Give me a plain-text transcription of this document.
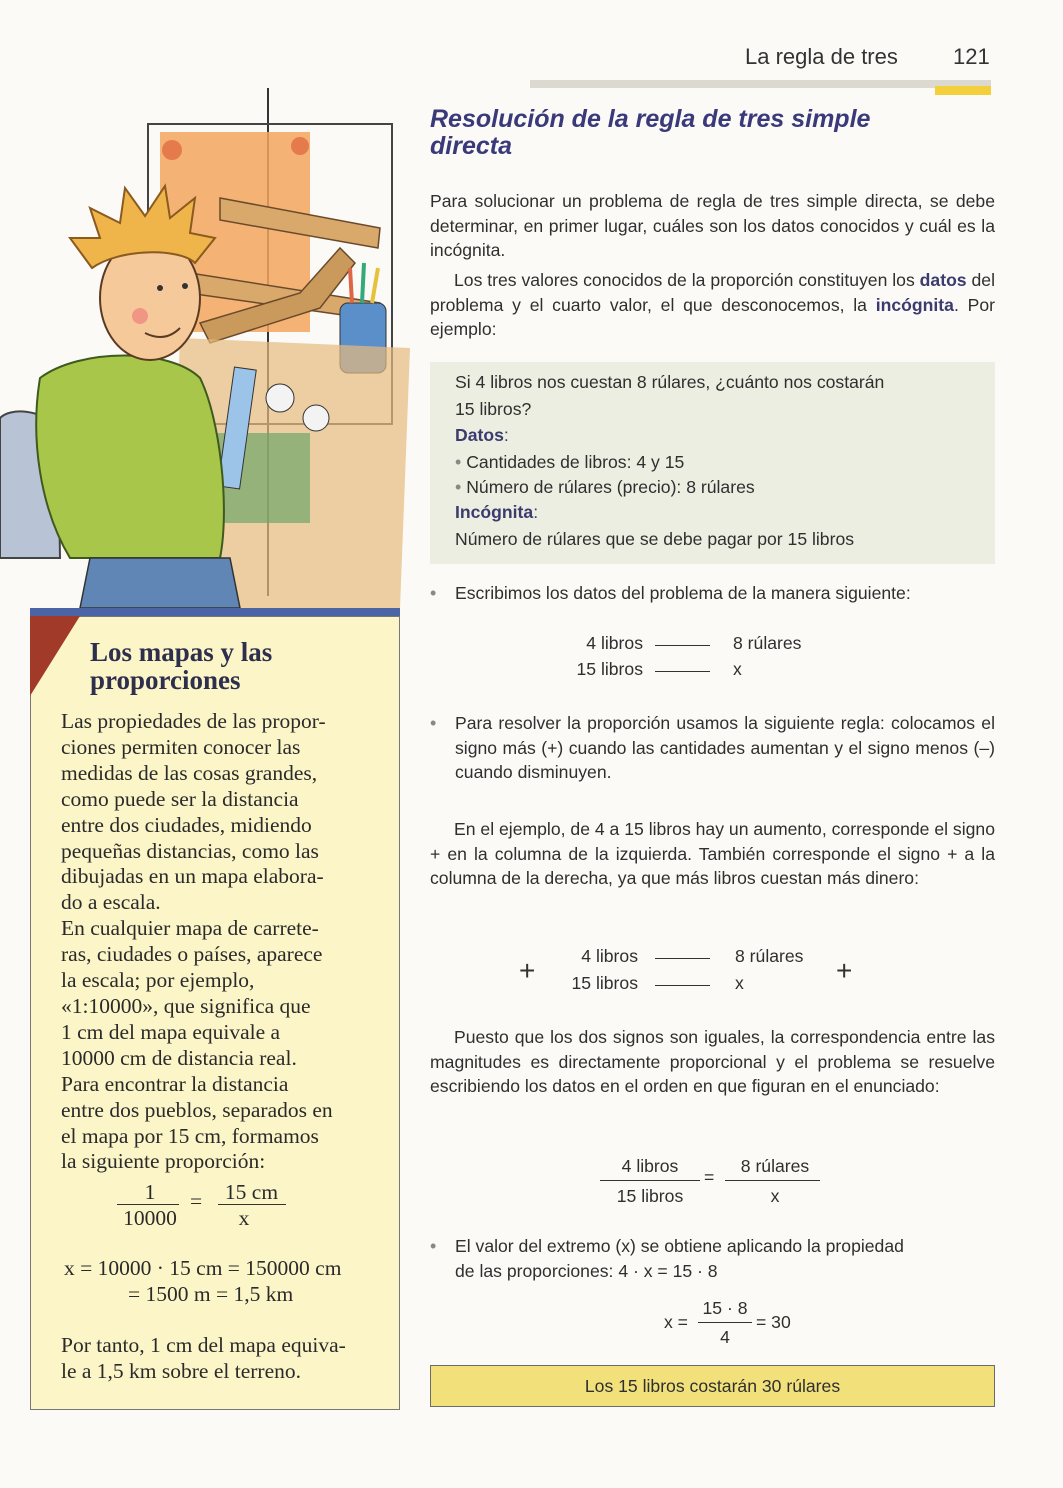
La regla de tres	121
Resolución de la regla de tres simple directa
Para solucionar un problema de regla de tres simple directa, se debe determinar, en primer lugar, cuáles son los datos conocidos y cuál es la incógnita.
Los tres valores conocidos de la proporción constituyen los datos del problema y el cuarto valor, el que desconocemos, la incógnita. Por ejemplo:
Si 4 libros nos cuestan 8 rúlares, ¿cuánto nos costarán
15 libros?
Datos:
• Cantidades de libros: 4 y 15
• Número de rúlares (precio): 8 rúlares
Incógnita:
Número de rúlares que se debe pagar por 15 libros
• Escribimos los datos del problema de la manera siguiente:
4 libros	8 rúlares
15 libros	x
• Para resolver la proporción usamos la siguiente regla: colocamos el signo más (+) cuando las cantidades aumentan y el signo menos (–) cuando disminuyen.
En el ejemplo, de 4 a 15 libros hay un aumento, corresponde el signo + en la columna de la izquierda. También corresponde el signo + a la columna de la derecha, ya que más libros cuestan más dinero:
+	4 libros	8 rúlares
15 libros	x	+
Puesto que los dos signos son iguales, la correspondencia entre las magnitudes es directamente proporcional y el problema se resuelve escribiendo los datos en el orden en que figuran en el enunciado:
4 libros
15 libros
=
8 rúlares
x
• El valor del extremo (x) se obtiene aplicando la propiedad
de las proporciones: 4 · x = 15 · 8
x =
15 · 8
4
= 30
Los 15 libros costarán 30 rúlares
Los mapas y las proporciones
Las propiedades de las propor-
ciones permiten conocer las
medidas de las cosas grandes,
como puede ser la distancia
entre dos ciudades, midiendo
pequeñas distancias, como las
dibujadas en un mapa elabora-
do a escala.
En cualquier mapa de carrete-
ras, ciudades o países, aparece
la escala; por ejemplo,
«1:10000», que significa que
1 cm del mapa equivale a
10000 cm de distancia real.
Para encontrar la distancia
entre dos pueblos, separados en
el mapa por 15 cm, formamos
la siguiente proporción:
1
10000
=	15 cm
x
x = 10000 · 15 cm = 150000 cm
= 1500 m = 1,5 km
Por tanto, 1 cm del mapa equiva-
le a 1,5 km sobre el terreno.
